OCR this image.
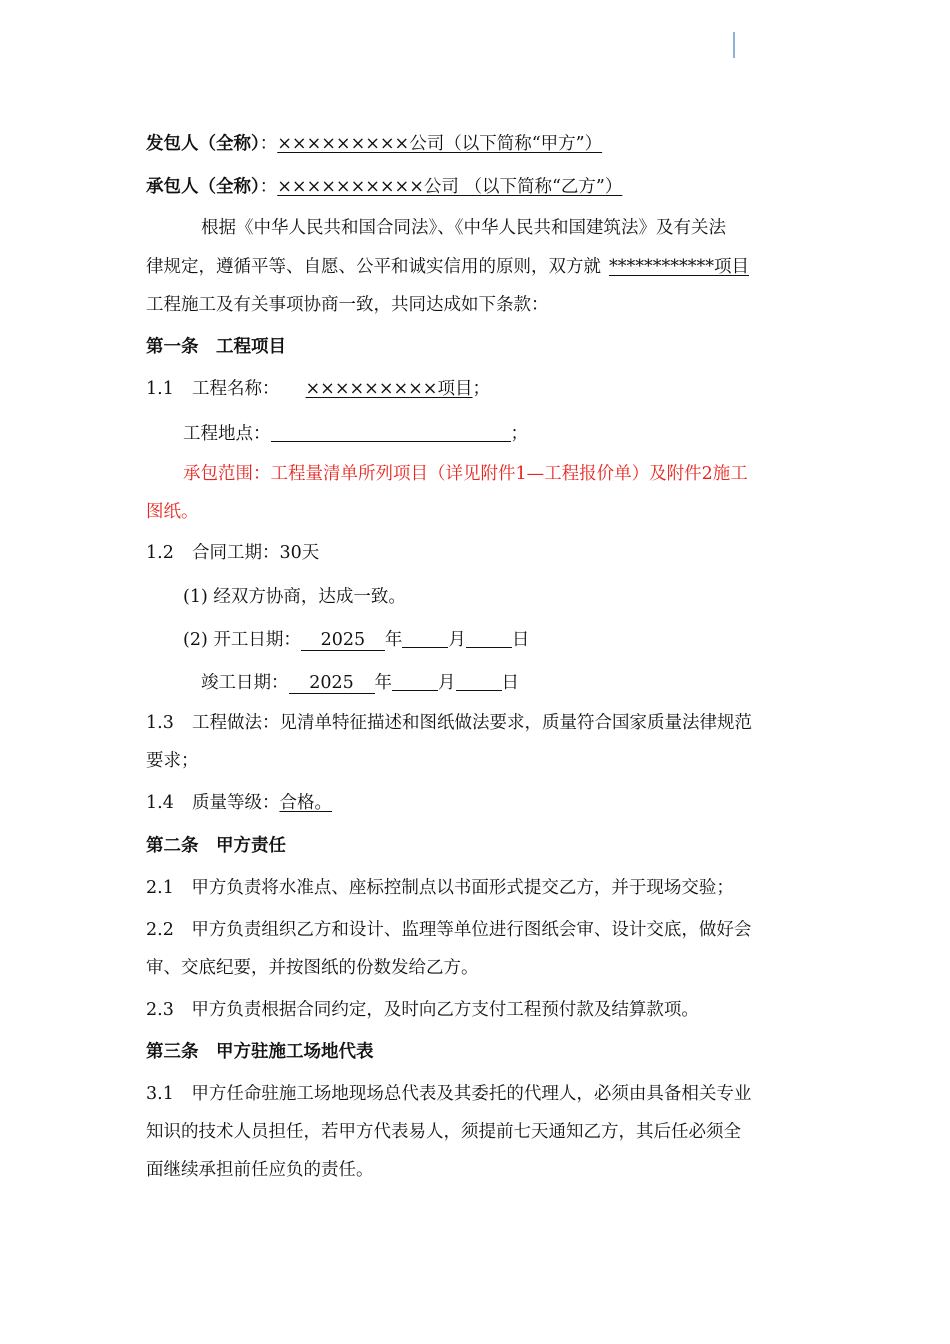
发包人（全称）：×××××××××公司（以下简称“甲方”）
承包人（全称）：××××××××××公司 （以下简称“乙方”）
根据《中华人民共和国合同法》、《中华人民共和国建筑法》及有关法
律规定，遵循平等、自愿、公平和诚实信用的原则，双方就 ************项目
工程施工及有关事项协商一致，共同达成如下条款：
第一条　工程项目
1.1 工程名称： ×××××××××项目；
工程地点：	；
承包范围：工程量清单所列项目（详见附件1—工程报价单）及附件2施工
图纸。
1.2 合同工期：30天
(1) 经双方协商，达成一致。
(2) 开工日期： 2025 年	月	日
竣工日期： 2025 年	月	日
1.3 工程做法：见清单特征描述和图纸做法要求，质量符合国家质量法律规范
要求；
1.4 质量等级：合格。
第二条　甲方责任
2.1　甲方负责将水准点、座标控制点以书面形式提交乙方，并于现场交验；
2.2　甲方负责组织乙方和设计、监理等单位进行图纸会审、设计交底，做好会
审、交底纪要，并按图纸的份数发给乙方。
2.3　甲方负责根据合同约定，及时向乙方支付工程预付款及结算款项。
第三条　甲方驻施工场地代表
3.1　甲方任命驻施工场地现场总代表及其委托的代理人，必须由具备相关专业
知识的技术人员担任，若甲方代表易人，须提前七天通知乙方，其后任必须全
面继续承担前任应负的责任。
